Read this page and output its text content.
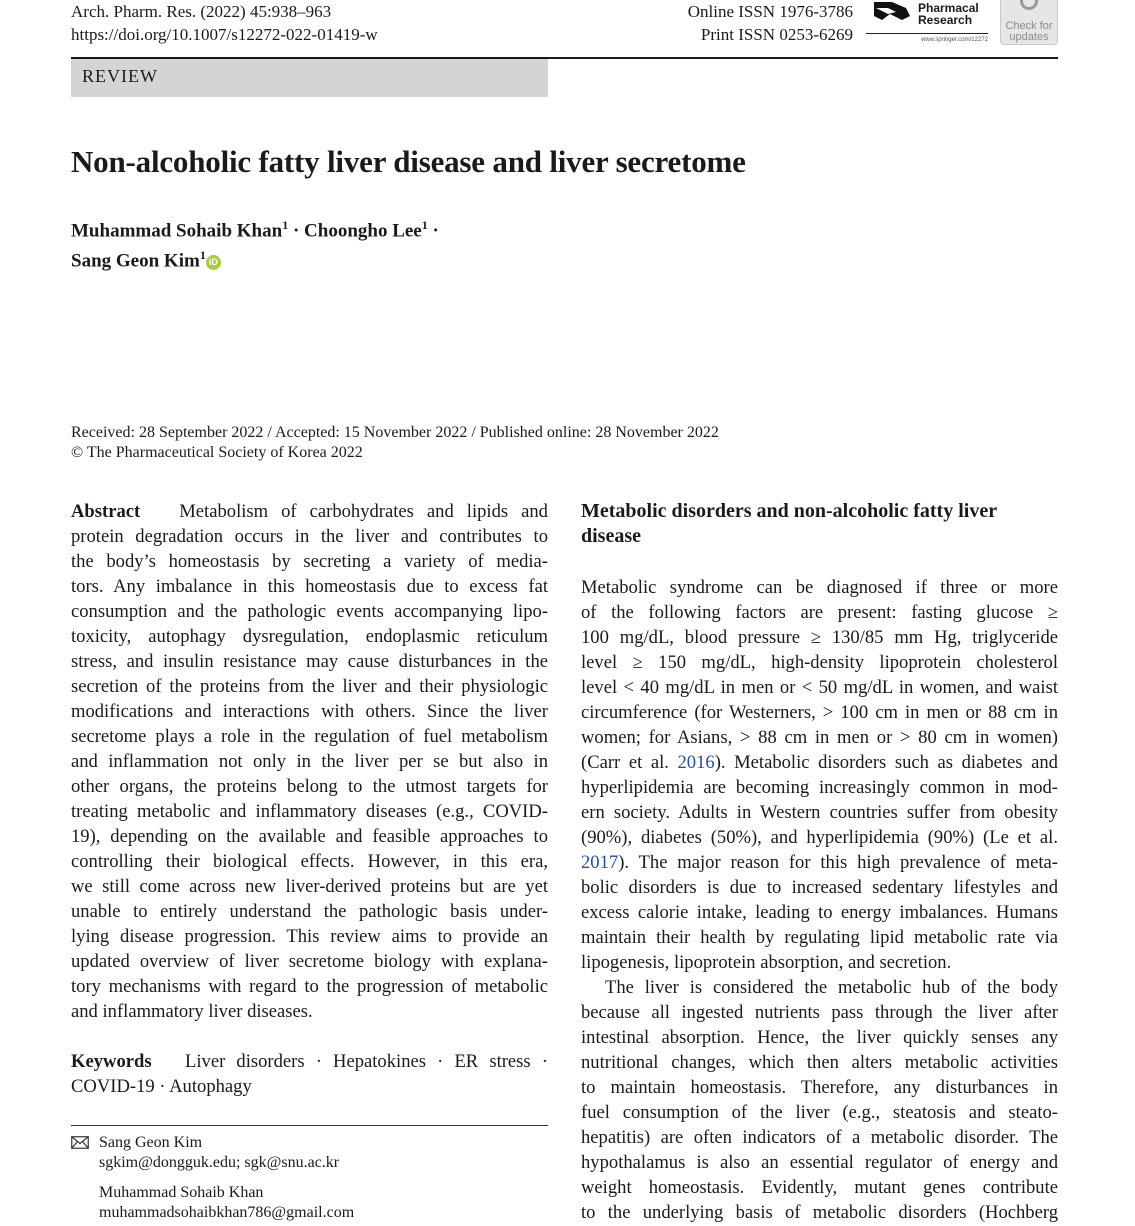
Arch. Pharm. Res. (2022) 45:938–963
https://doi.org/10.1007/s12272-022-01419-w
Online ISSN 1976-3786
Print ISSN 0253-6269
Pharmacal
Research
www.springer.com/12272
Check for
updates
REVIEW
Non-alcoholic fatty liver disease and liver secretome
Muhammad Sohaib Khan$^1$ · Choongho Lee$^1$ ·
Sang Geon Kim$^1$ iD
Received: 28 September 2022 / Accepted: 15 November 2022 / Published online: 28 November 2022
© The Pharmaceutical Society of Korea 2022
Abstract Metabolism of carbohydrates and lipids and
protein degradation occurs in the liver and contributes to
the body’s homeostasis by secreting a variety of media-
tors. Any imbalance in this homeostasis due to excess fat
consumption and the pathologic events accompanying lipo-
toxicity, autophagy dysregulation, endoplasmic reticulum
stress, and insulin resistance may cause disturbances in the
secretion of the proteins from the liver and their physiologic
modifications and interactions with others. Since the liver
secretome plays a role in the regulation of fuel metabolism
and inflammation not only in the liver per se but also in
other organs, the proteins belong to the utmost targets for
treating metabolic and inflammatory diseases (e.g., COVID-
19), depending on the available and feasible approaches to
controlling their biological effects. However, in this era,
we still come across new liver-derived proteins but are yet
unable to entirely understand the pathologic basis under-
lying disease progression. This review aims to provide an
updated overview of liver secretome biology with explana-
tory mechanisms with regard to the progression of metabolic
and inflammatory liver diseases.
Keywords Liver disorders · Hepatokines · ER stress ·
COVID-19 · Autophagy
Sang Geon Kim
sgkim@dongguk.edu; sgk@snu.ac.kr
Muhammad Sohaib Khan
muhammadsohaibkhan786@gmail.com
Metabolic disorders and non-alcoholic fatty liver
disease
Metabolic syndrome can be diagnosed if three or more
of the following factors are present: fasting glucose ≥
100 mg/dL, blood pressure ≥ 130/85 mm Hg, triglyceride
level ≥ 150 mg/dL, high-density lipoprotein cholesterol
level < 40 mg/dL in men or < 50 mg/dL in women, and waist
circumference (for Westerners, > 100 cm in men or 88 cm in
women; for Asians, > 88 cm in men or > 80 cm in women)
(Carr et al. 2016). Metabolic disorders such as diabetes and
hyperlipidemia are becoming increasingly common in mod-
ern society. Adults in Western countries suffer from obesity
(90%), diabetes (50%), and hyperlipidemia (90%) (Le et al.
2017). The major reason for this high prevalence of meta-
bolic disorders is due to increased sedentary lifestyles and
excess calorie intake, leading to energy imbalances. Humans
maintain their health by regulating lipid metabolic rate via
lipogenesis, lipoprotein absorption, and secretion.
The liver is considered the metabolic hub of the body
because all ingested nutrients pass through the liver after
intestinal absorption. Hence, the liver quickly senses any
nutritional changes, which then alters metabolic activities
to maintain homeostasis. Therefore, any disturbances in
fuel consumption of the liver (e.g., steatosis and steato-
hepatitis) are often indicators of a metabolic disorder. The
hypothalamus is also an essential regulator of energy and
weight homeostasis. Evidently, mutant genes contribute
to the underlying basis of metabolic disorders (Hochberg
